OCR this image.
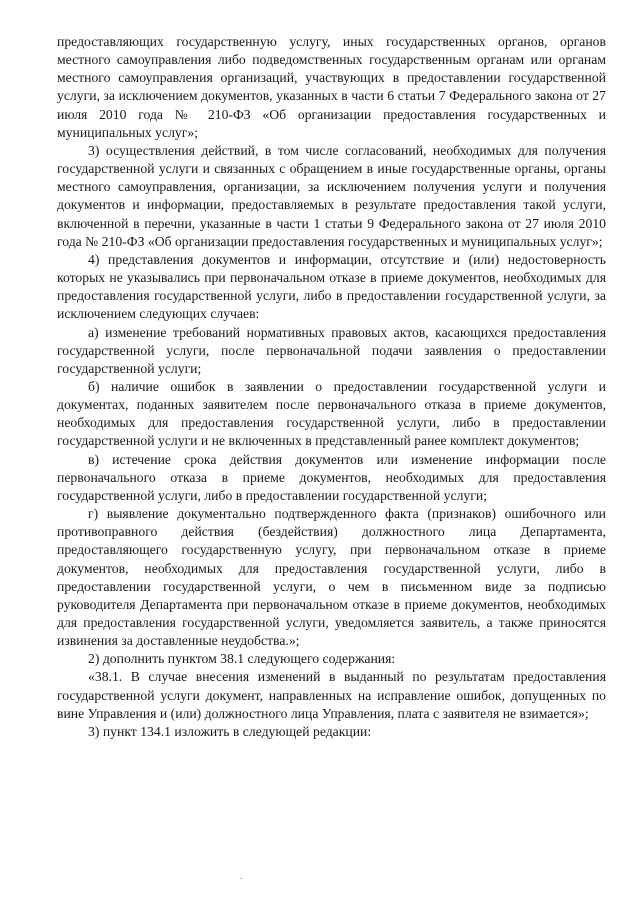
предоставляющих государственную услугу, иных государственных органов, органов местного самоуправления либо подведомственных государственным органам или органам местного самоуправления организаций, участвующих в предоставлении государственной услуги, за исключением документов, указанных в части 6 статьи 7 Федерального закона от 27 июля 2010 года № 210-ФЗ «Об организации предоставления государственных и муниципальных услуг»;

3) осуществления действий, в том числе согласований, необходимых для получения государственной услуги и связанных с обращением в иные государственные органы, органы местного самоуправления, организации, за исключением получения услуги и получения документов и информации, предоставляемых в результате предоставления такой услуги, включенной в перечни, указанные в части 1 статьи 9 Федерального закона от 27 июля 2010 года № 210-ФЗ «Об организации предоставления государственных и муниципальных услуг»;

4) представления документов и информации, отсутствие и (или) недостоверность которых не указывались при первоначальном отказе в приеме документов, необходимых для предоставления государственной услуги, либо в предоставлении государственной услуги, за исключением следующих случаев:

а) изменение требований нормативных правовых актов, касающихся предоставления государственной услуги, после первоначальной подачи заявления о предоставлении государственной услуги;

б) наличие ошибок в заявлении о предоставлении государственной услуги и документах, поданных заявителем после первоначального отказа в приеме документов, необходимых для предоставления государственной услуги, либо в предоставлении государственной услуги и не включенных в представленный ранее комплект документов;

в) истечение срока действия документов или изменение информации после первоначального отказа в приеме документов, необходимых для предоставления государственной услуги, либо в предоставлении государственной услуги;

г) выявление документально подтвержденного факта (признаков) ошибочного или противоправного действия (бездействия) должностного лица Департамента, предоставляющего государственную услугу, при первоначальном отказе в приеме документов, необходимых для предоставления государственной услуги, либо в предоставлении государственной услуги, о чем в письменном виде за подписью руководителя Департамента при первоначальном отказе в приеме документов, необходимых для предоставления государственной услуги, уведомляется заявитель, а также приносятся извинения за доставленные неудобства.»;

2) дополнить пунктом 38.1 следующего содержания:

«38.1. В случае внесения изменений в выданный по результатам предоставления государственной услуги документ, направленных на исправление ошибок, допущенных по вине Управления и (или) должностного лица Управления, плата с заявителя не взимается»;

3) пункт 134.1 изложить в следующей редакции:
